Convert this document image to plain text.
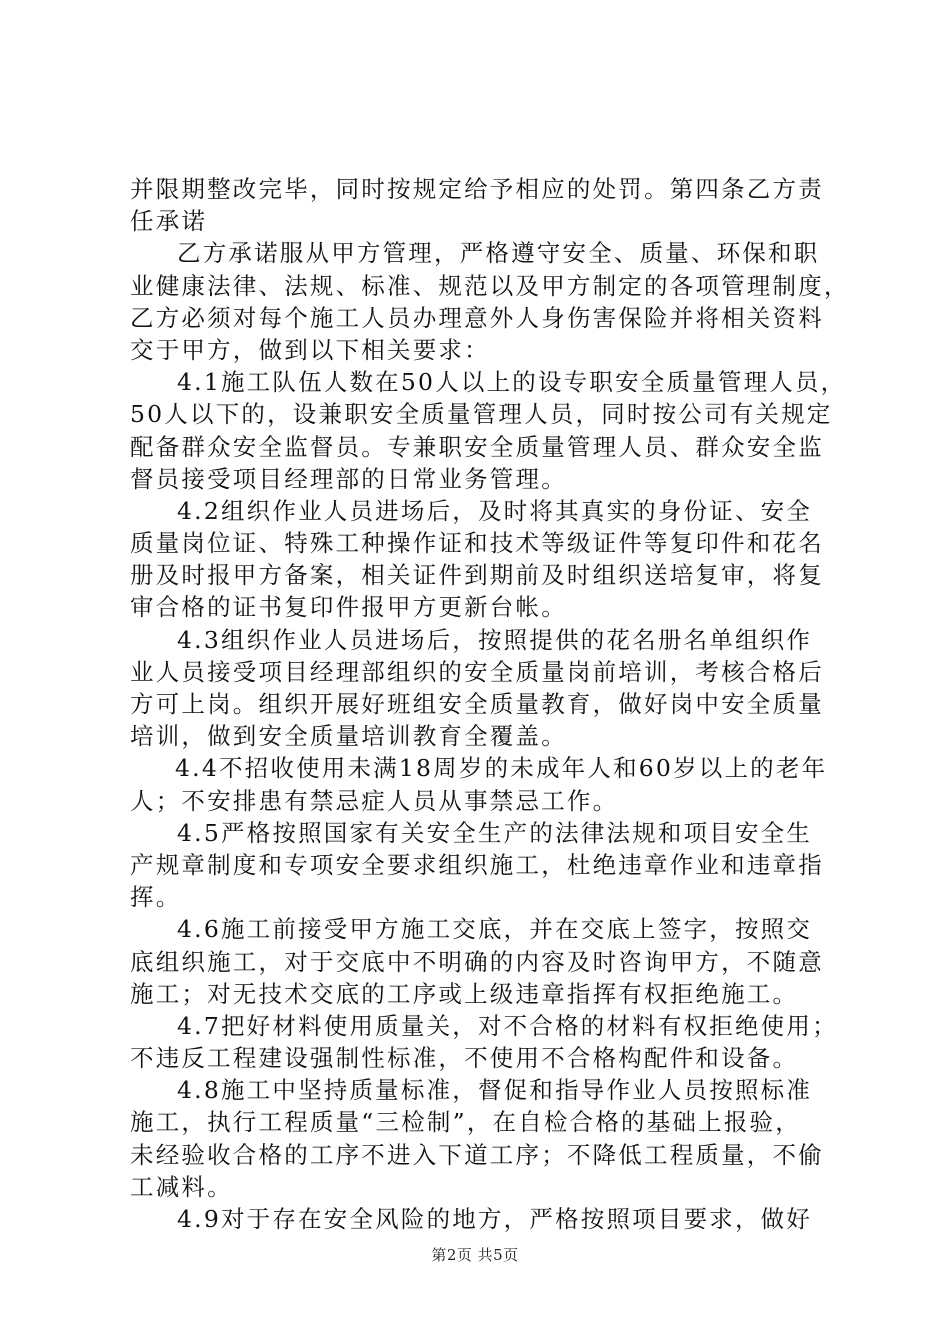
并限期整改完毕，同时按规定给予相应的处罚。第四条乙方责
任承诺
乙方承诺服从甲方管理，严格遵守安全、质量、环保和职
业健康法律、法规、标准、规范以及甲方制定的各项管理制度，
乙方必须对每个施工人员办理意外人身伤害保险并将相关资料
交于甲方，做到以下相关要求：
4.1施工队伍人数在50人以上的设专职安全质量管理人员，
50人以下的，设兼职安全质量管理人员，同时按公司有关规定
配备群众安全监督员。专兼职安全质量管理人员、群众安全监
督员接受项目经理部的日常业务管理。
4.2组织作业人员进场后，及时将其真实的身份证、安全
质量岗位证、特殊工种操作证和技术等级证件等复印件和花名
册及时报甲方备案，相关证件到期前及时组织送培复审，将复
审合格的证书复印件报甲方更新台帐。
4.3组织作业人员进场后，按照提供的花名册名单组织作
业人员接受项目经理部组织的安全质量岗前培训，考核合格后
方可上岗。组织开展好班组安全质量教育，做好岗中安全质量
培训，做到安全质量培训教育全覆盖。
4.4不招收使用未满18周岁的未成年人和60岁以上的老年
人；不安排患有禁忌症人员从事禁忌工作。
4.5严格按照国家有关安全生产的法律法规和项目安全生
产规章制度和专项安全要求组织施工，杜绝违章作业和违章指
挥。
4.6施工前接受甲方施工交底，并在交底上签字，按照交
底组织施工，对于交底中不明确的内容及时咨询甲方，不随意
施工；对无技术交底的工序或上级违章指挥有权拒绝施工。
4.7把好材料使用质量关，对不合格的材料有权拒绝使用；
不违反工程建设强制性标准，不使用不合格构配件和设备。
4.8施工中坚持质量标准，督促和指导作业人员按照标准
施工，执行工程质量“三检制”，在自检合格的基础上报验，
未经验收合格的工序不进入下道工序；不降低工程质量，不偷
工减料。
4.9对于存在安全风险的地方，严格按照项目要求，做好
第2页 共5页
